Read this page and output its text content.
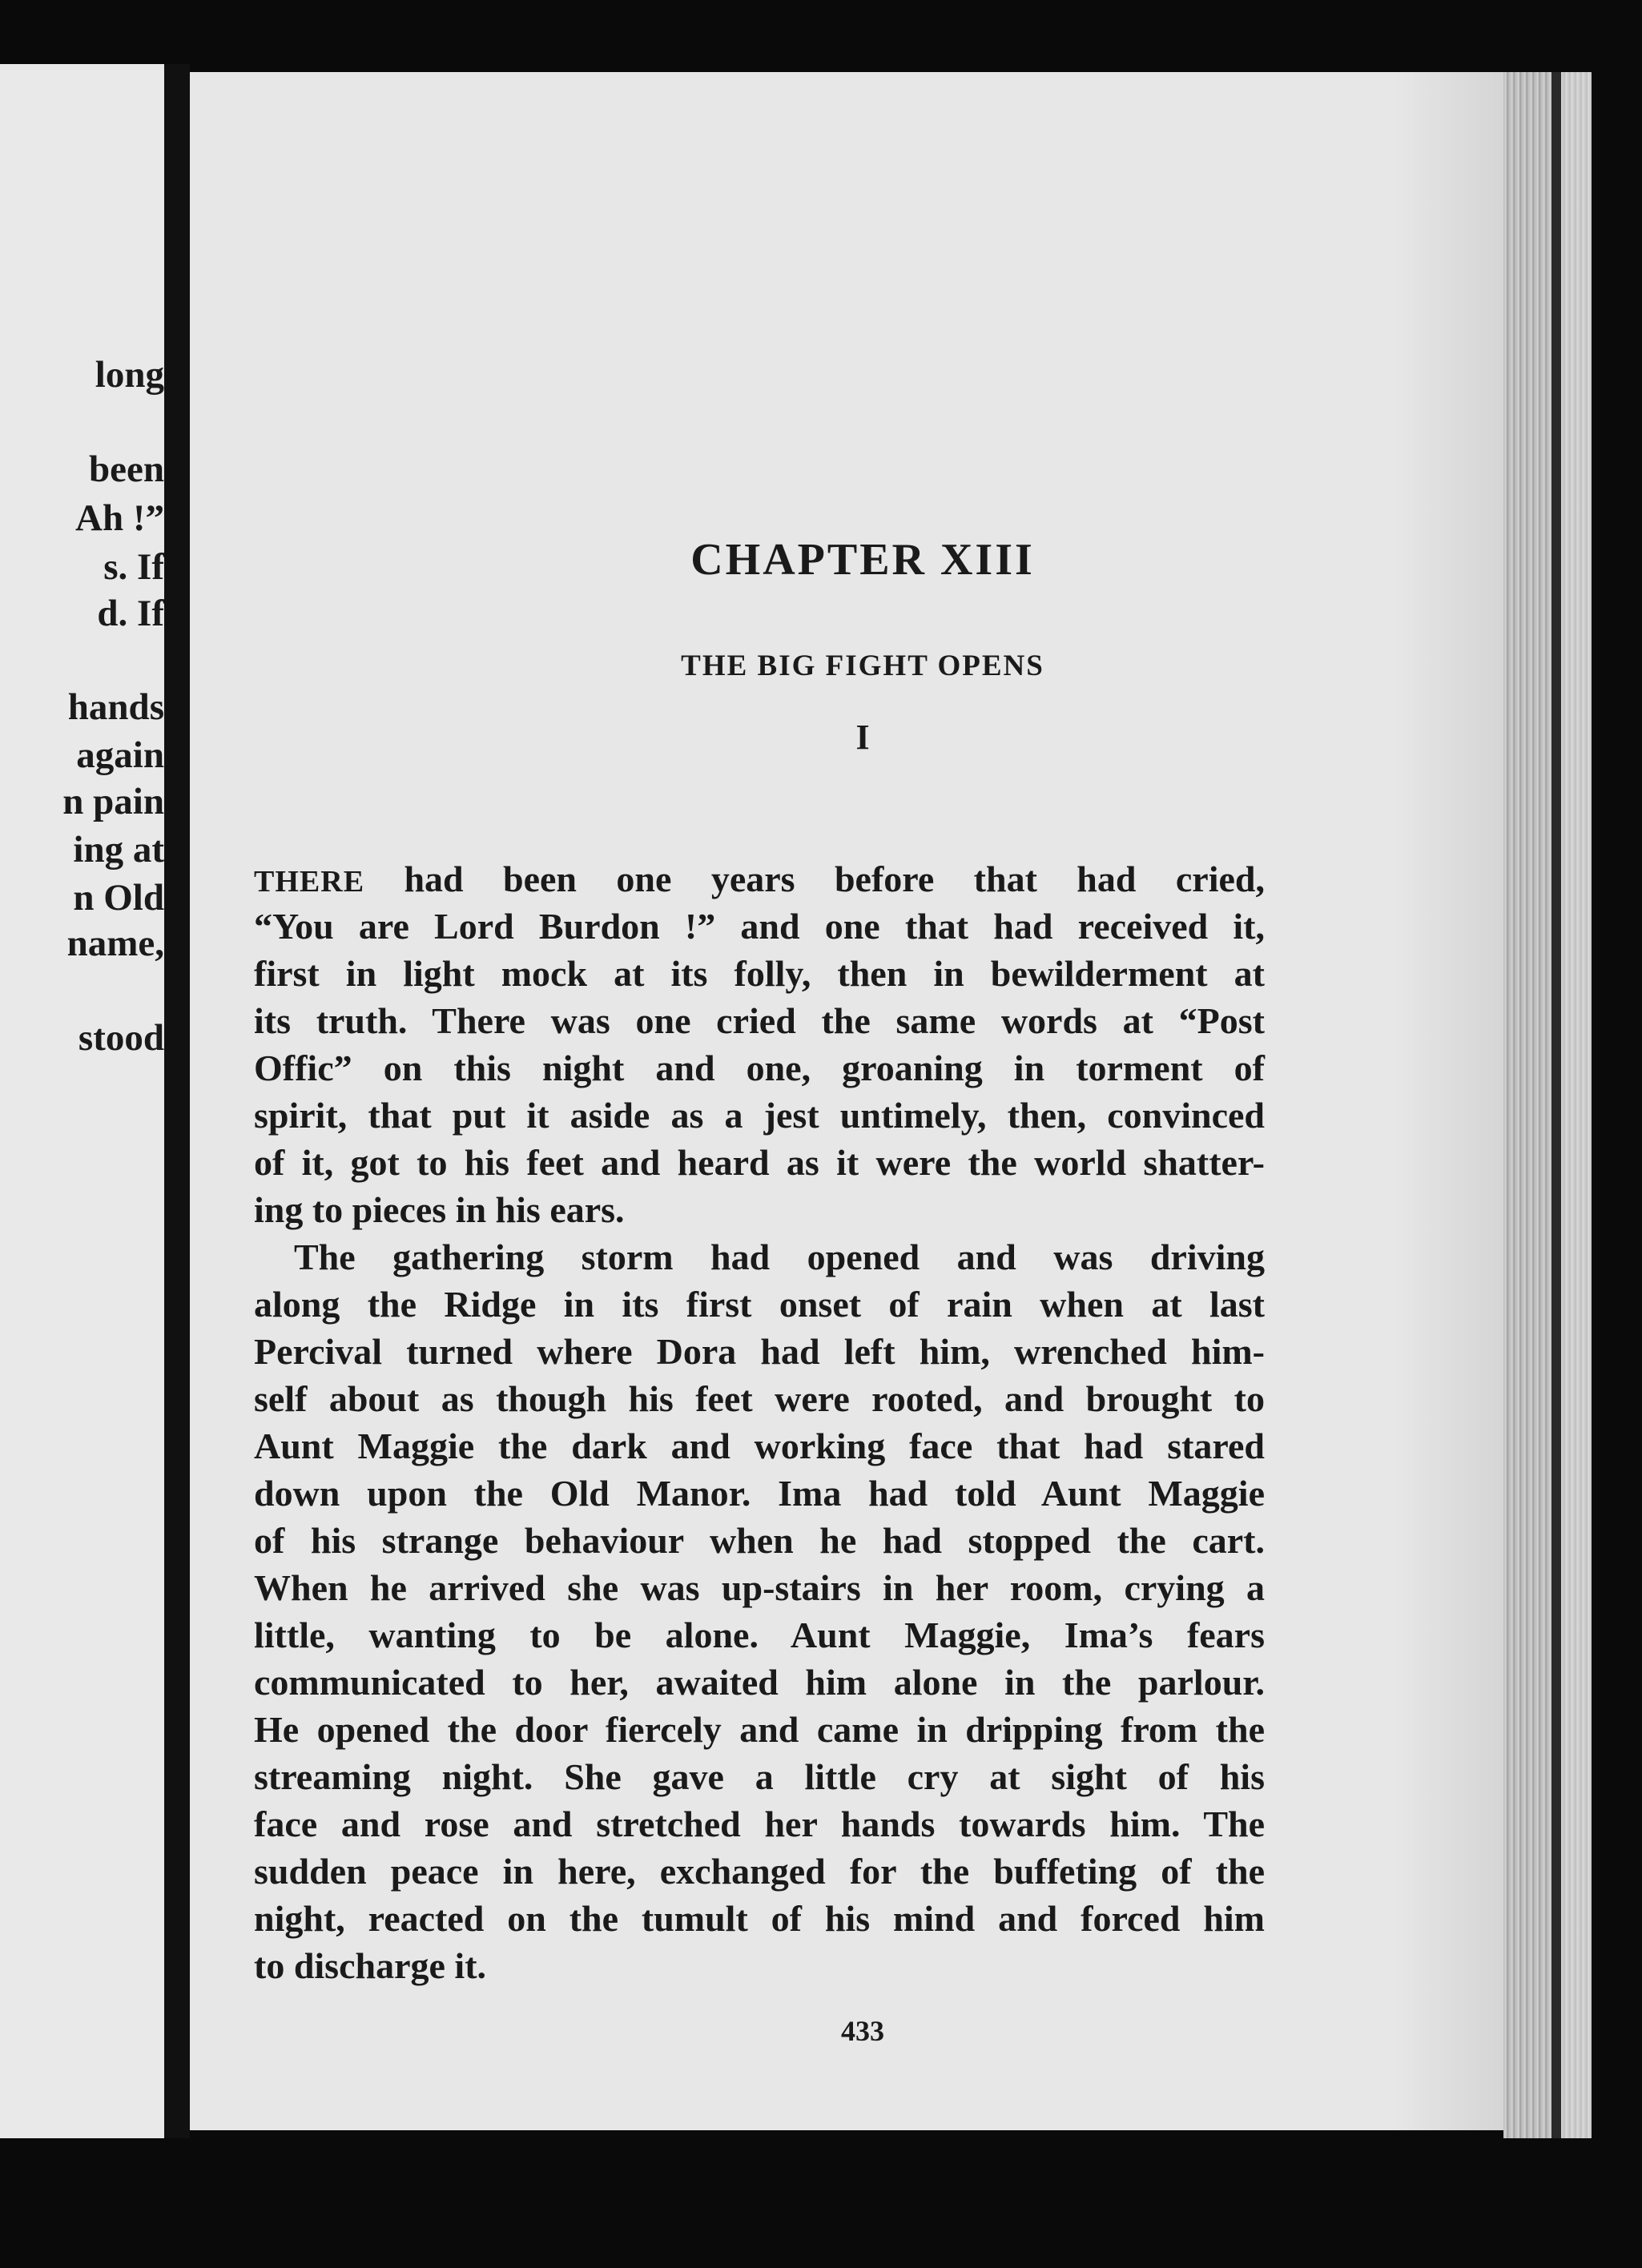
long
been
Ah !”
s. If
d. If
hands
again
n pain
ing at
n Old
name,
stood
CHAPTER XIII
THE BIG FIGHT OPENS
I
THERE had been one years before that had cried,
“You are Lord Burdon !” and one that had received it,
first in light mock at its folly, then in bewilderment at
its truth. There was one cried the same words at “Post
Offic” on this night and one, groaning in torment of
spirit, that put it aside as a jest untimely, then, convinced
of it, got to his feet and heard as it were the world shatter-
ing to pieces in his ears.
The gathering storm had opened and was driving
along the Ridge in its first onset of rain when at last
Percival turned where Dora had left him, wrenched him-
self about as though his feet were rooted, and brought to
Aunt Maggie the dark and working face that had stared
down upon the Old Manor. Ima had told Aunt Maggie
of his strange behaviour when he had stopped the cart.
When he arrived she was up-stairs in her room, crying a
little, wanting to be alone. Aunt Maggie, Ima’s fears
communicated to her, awaited him alone in the parlour.
He opened the door fiercely and came in dripping from the
streaming night. She gave a little cry at sight of his
face and rose and stretched her hands towards him. The
sudden peace in here, exchanged for the buffeting of the
night, reacted on the tumult of his mind and forced him
to discharge it.
433
